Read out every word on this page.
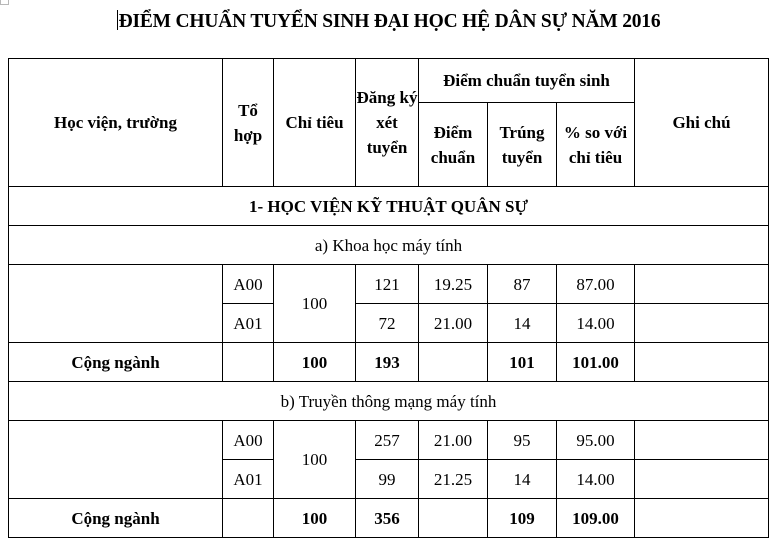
ĐIỂM CHUẨN TUYỂN SINH ĐẠI HỌC HỆ DÂN SỰ NĂM 2016
Học viện, trường	Tổ hợp	Chỉ tiêu	Đăng ký xét tuyển	Điểm chuẩn tuyển sinh			Ghi chú
				Điểm chuẩn	Trúng tuyển	% so với chỉ tiêu	
1- HỌC VIỆN KỸ THUẬT QUÂN SỰ							
a) Khoa học máy tính							
	A00	100	121	19.25	87	87.00	
	A01		72	21.00	14	14.00	
Cộng ngành		100	193		101	101.00	
b) Truyền thông mạng máy tính							
	A00	100	257	21.00	95	95.00	
	A01		99	21.25	14	14.00	
Cộng ngành		100	356		109	109.00	
